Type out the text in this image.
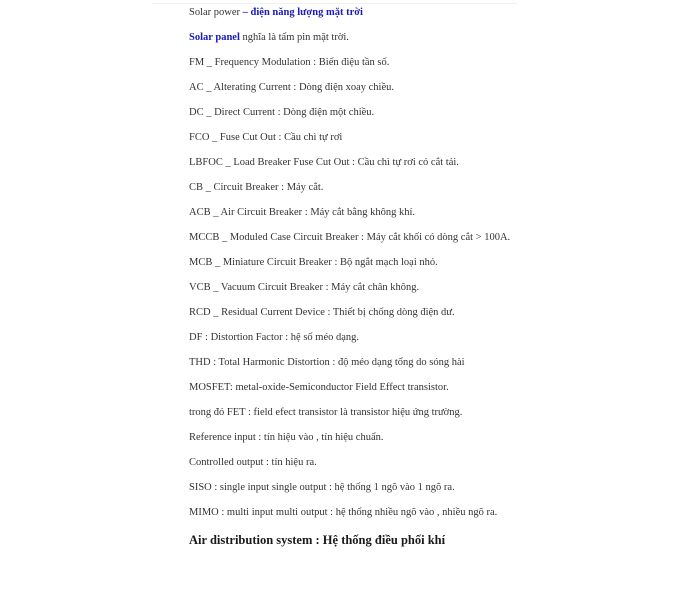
Solar power – điện năng lượng mặt trời
Solar panel nghĩa là tấm pin mặt trời.
FM _ Frequency Modulation : Biến điệu tần số.
AC _ Alterating Current : Dòng điện xoay chiều.
DC _ Direct Current : Dòng điện một chiều.
FCO _ Fuse Cut Out : Cầu chì tự rơi
LBFOC _ Load Breaker Fuse Cut Out : Cầu chì tự rơi có cắt tải.
CB _ Circuit Breaker : Máy cắt.
ACB _ Air Circuit Breaker : Máy cắt bằng không khí.
MCCB _ Moduled Case Circuit Breaker : Máy cắt khối có dòng cắt > 100A.
MCB _ Miniature Circuit Breaker : Bộ ngắt mạch loại nhỏ.
VCB _ Vacuum Circuit Breaker : Máy cắt chân không.
RCD _ Residual Current Device : Thiết bị chống dòng điện dư.
DF : Distortion Factor : hệ số méo dạng.
THD : Total Harmonic Distortion : độ méo dạng tổng do sóng hài
MOSFET: metal-oxide-Semiconductor Field Effect transistor.
trong đó FET : field efect transistor là transistor hiệu ứng trường.
Reference input : tín hiệu vào , tín hiệu chuẩn.
Controlled output : tín hiệu ra.
SISO : single input single output : hệ thống 1 ngõ vào 1 ngõ ra.
MIMO : multi input multi output : hệ thống nhiều ngõ vào , nhiều ngõ ra.
Air distribution system : Hệ thống điều phối khí
